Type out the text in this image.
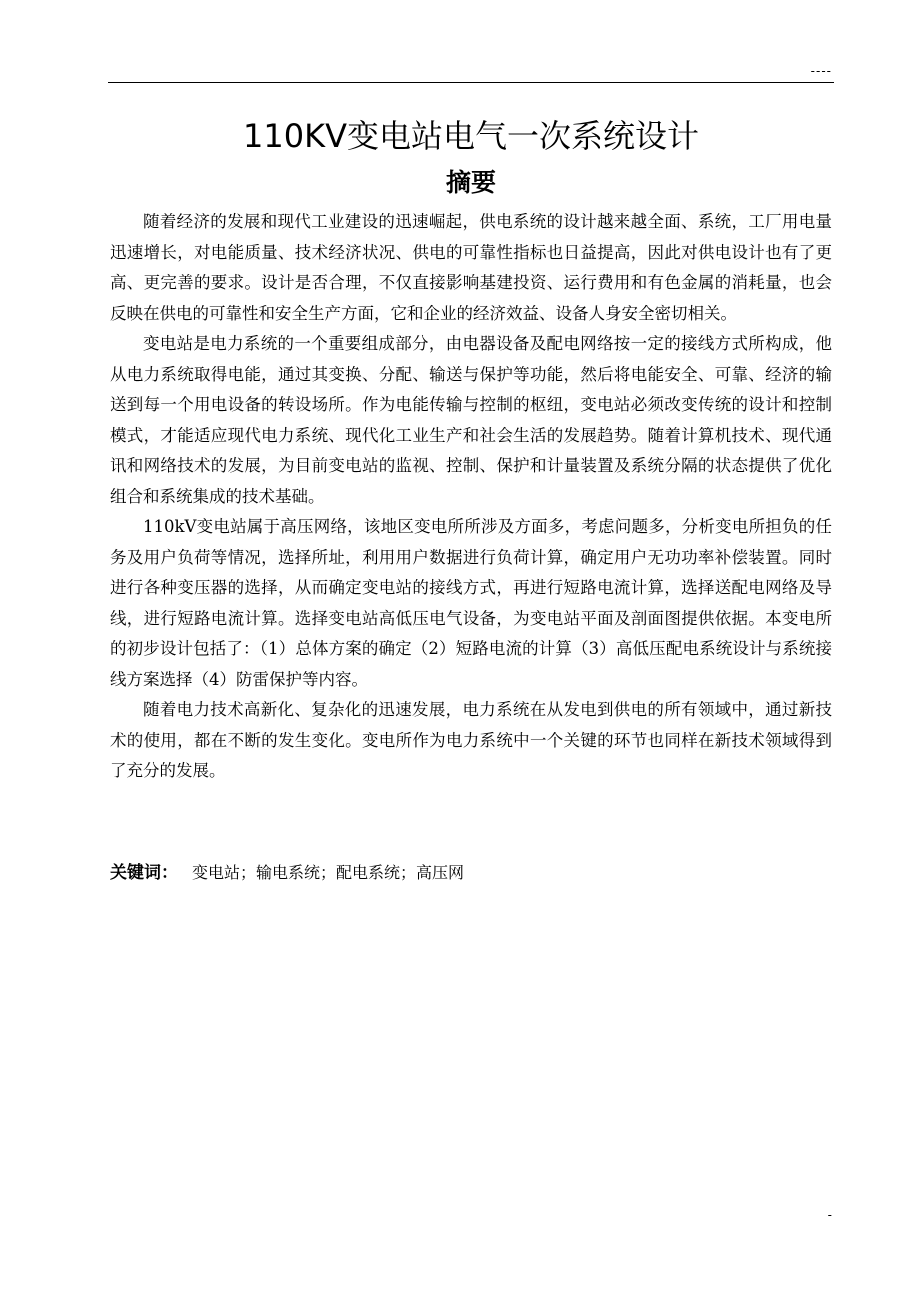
----
110KV变电站电气一次系统设计
摘要

随着经济的发展和现代工业建设的迅速崛起，供电系统的设计越来越全面、系统，工厂用电量迅速增长，对电能质量、技术经济状况、供电的可靠性指标也日益提高，因此对供电设计也有了更高、更完善的要求。设计是否合理，不仅直接影响基建投资、运行费用和有色金属的消耗量，也会反映在供电的可靠性和安全生产方面，它和企业的经济效益、设备人身安全密切相关。

变电站是电力系统的一个重要组成部分，由电器设备及配电网络按一定的接线方式所构成，他从电力系统取得电能，通过其变换、分配、输送与保护等功能，然后将电能安全、可靠、经济的输送到每一个用电设备的转设场所。作为电能传输与控制的枢纽，变电站必须改变传统的设计和控制模式，才能适应现代电力系统、现代化工业生产和社会生活的发展趋势。随着计算机技术、现代通讯和网络技术的发展，为目前变电站的监视、控制、保护和计量装置及系统分隔的状态提供了优化组合和系统集成的技术基础。

110kV变电站属于高压网络，该地区变电所所涉及方面多，考虑问题多，分析变电所担负的任务及用户负荷等情况，选择所址，利用用户数据进行负荷计算，确定用户无功功率补偿装置。同时进行各种变压器的选择，从而确定变电站的接线方式，再进行短路电流计算，选择送配电网络及导线，进行短路电流计算。选择变电站高低压电气设备，为变电站平面及剖面图提供依据。本变电所的初步设计包括了：（1）总体方案的确定（2）短路电流的计算（3）高低压配电系统设计与系统接线方案选择（4）防雷保护等内容。

随着电力技术高新化、复杂化的迅速发展，电力系统在从发电到供电的所有领域中，通过新技术的使用，都在不断的发生变化。变电所作为电力系统中一个关键的环节也同样在新技术领域得到了充分的发展。

关键词： 变电站；输电系统；配电系统；高压网
-
